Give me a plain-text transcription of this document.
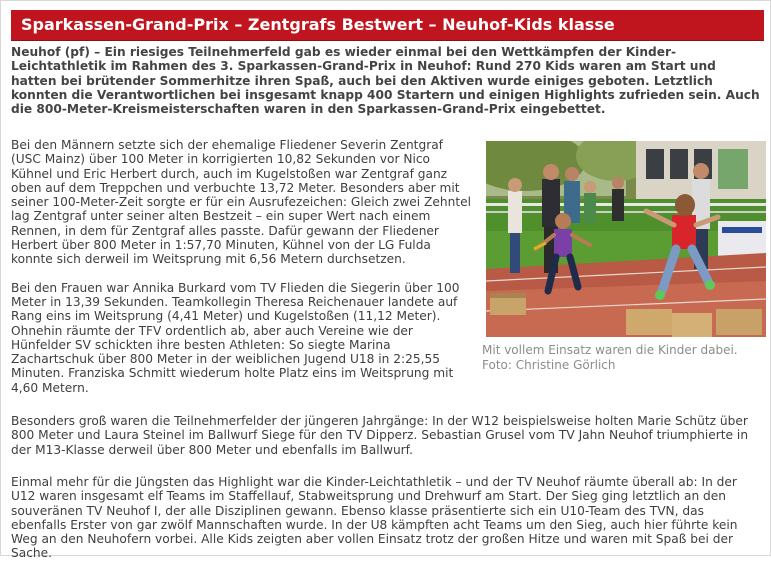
Sparkassen-Grand-Prix – Zentgrafs Bestwert – Neuhof-Kids klasse

Neuhof (pf) – Ein riesiges Teilnehmerfeld gab es wieder einmal bei den Wettkämpfen der Kinder-Leichtathletik im Rahmen des 3. Sparkassen-Grand-Prix in Neuhof: Rund 270 Kids waren am Start und hatten bei brütender Sommerhitze ihren Spaß, auch bei den Aktiven wurde einiges geboten. Letztlich konnten die Verantwortlichen bei insgesamt knapp 400 Startern und einigen Highlights zufrieden sein. Auch die 800-Meter-Kreismeisterschaften waren in den Sparkassen-Grand-Prix eingebettet.

Bei den Männern setzte sich der ehemalige Fliedener Severin Zentgraf (USC Mainz) über 100 Meter in korrigierten 10,82 Sekunden vor Nico Kühnel und Eric Herbert durch, auch im Kugelstoßen war Zentgraf ganz oben auf dem Treppchen und verbuchte 13,72 Meter. Besonders aber mit seiner 100-Meter-Zeit sorgte er für ein Ausrufezeichen: Gleich zwei Zehntel lag Zentgraf unter seiner alten Bestzeit – ein super Wert nach einem Rennen, in dem für Zentgraf alles passte. Dafür gewann der Fliedener Herbert über 800 Meter in 1:57,70 Minuten, Kühnel von der LG Fulda konnte sich derweil im Weitsprung mit 6,56 Metern durchsetzen.

Bei den Frauen war Annika Burkard vom TV Flieden die Siegerin über 100 Meter in 13,39 Sekunden. Teamkollegin Theresa Reichenauer landete auf Rang eins im Weitsprung (4,41 Meter) und Kugelstoßen (11,12 Meter). Ohnehin räumte der TFV ordentlich ab, aber auch Vereine wie der Hünfelder SV schickten ihre besten Athleten: So siegte Marina Zachartschuk über 800 Meter in der weiblichen Jugend U18 in 2:25,55 Minuten. Franziska Schmitt wiederum holte Platz eins im Weitsprung mit 4,60 Metern.

Mit vollem Einsatz waren die Kinder dabei. Foto: Christine Görlich

Besonders groß waren die Teilnehmerfelder der jüngeren Jahrgänge: In der W12 beispielsweise holten Marie Schütz über 800 Meter und Laura Steinel im Ballwurf Siege für den TV Dipperz. Sebastian Grusel vom TV Jahn Neuhof triumphierte in der M13-Klasse derweil über 800 Meter und ebenfalls im Ballwurf.

Einmal mehr für die Jüngsten das Highlight war die Kinder-Leichtathletik – und der TV Neuhof räumte überall ab: In der U12 waren insgesamt elf Teams im Staffellauf, Stabweitsprung und Drehwurf am Start. Der Sieg ging letztlich an den souveränen TV Neuhof I, der alle Disziplinen gewann. Ebenso klasse präsentierte sich ein U10-Team des TVN, das ebenfalls Erster von gar zwölf Mannschaften wurde. In der U8 kämpften acht Teams um den Sieg, auch hier führte kein Weg an den Neuhofern vorbei. Alle Kids zeigten aber vollen Einsatz trotz der großen Hitze und waren mit Spaß bei der Sache.
